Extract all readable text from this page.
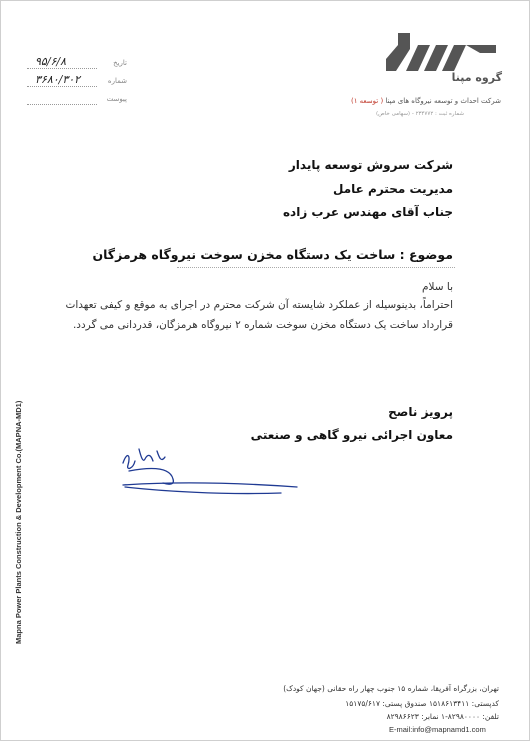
۹۵/۶/۸	تاریخ
۳۶۸۰/۳۰۲	شماره
پیوست
گروه مپنا
شرکت احداث و توسعه نیروگاه های مپنا ( توسعه ۱)
شماره ثبت : ۲۳۴۷۷۲ - (سهامی خاص)
شرکت سروش توسعه پایدار
مدیریت محترم عامل
جناب آقای مهندس عرب زاده
موضوع : ساخت یک دستگاه مخزن سوخت نیروگاه هرمزگان
با سلام
احتراماً، بدینوسیله از عملکرد شایسته آن شرکت محترم در اجرای به موقع و کیفی تعهدات
قرارداد ساخت یک دستگاه مخزن سوخت شماره ۲ نیروگاه هرمزگان، قدردانی می گردد.
پرویز ناصح
معاون اجرائی نیرو گاهی و صنعتی
Mapna Power Plants Construction & Development Co.(MAPNA-MD1)
تهران، بزرگراه آفریقا، شماره ۱۵ جنوب چهار راه حقانی (جهان کودک)
کدپستی: ۱۵۱۸۶۱۳۴۱۱ صندوق پستی: ۱۵۱۷۵/۶۱۷
تلفن: ۸۲۹۸۰۰۰۰-۱ نمابر: ۸۲۹۸۶۶۲۳
E-mail:info@mapnamd1.com
